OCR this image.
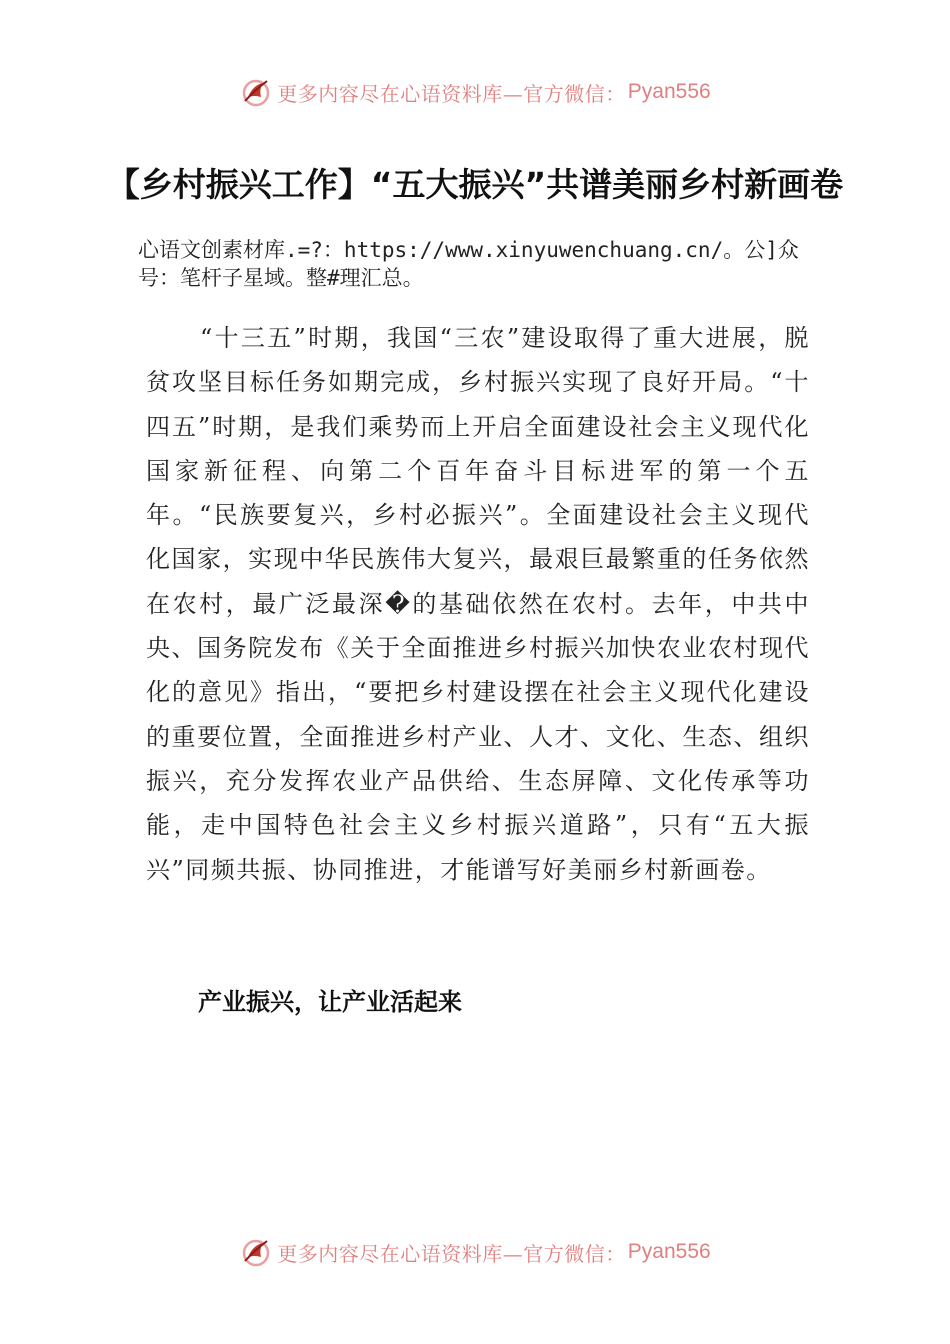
更多内容尽在心语资料库—官方微信： Pyan556
【乡村振兴工作】“五大振兴”共谱美丽乡村新画卷

心语文创素材库.=?：https://www.xinyuwenchuang.cn/。公]众号：笔杆子星域。整#理汇总。

“十三五”时期，我国“三农”建设取得了重大进展，脱贫攻坚目标任务如期完成，乡村振兴实现了良好开局。“十四五”时期，是我们乘势而上开启全面建设社会主义现代化国家新征程、向第二个百年奋斗目标进军的第一个五年。“民族要复兴，乡村必振兴”。全面建设社会主义现代化国家，实现中华民族伟大复兴，最艰巨最繁重的任务依然在农村，最广泛最深�的基础依然在农村。去年，中共中央、国务院发布《关于全面推进乡村振兴加快农业农村现代化的意见》指出，“要把乡村建设摆在社会主义现代化建设的重要位置，全面推进乡村产业、人才、文化、生态、组织振兴，充分发挥农业产品供给、生态屏障、文化传承等功能，走中国特色社会主义乡村振兴道路”，只有“五大振兴”同频共振、协同推进，才能谱写好美丽乡村新画卷。

产业振兴，让产业活起来
更多内容尽在心语资料库—官方微信： Pyan556
